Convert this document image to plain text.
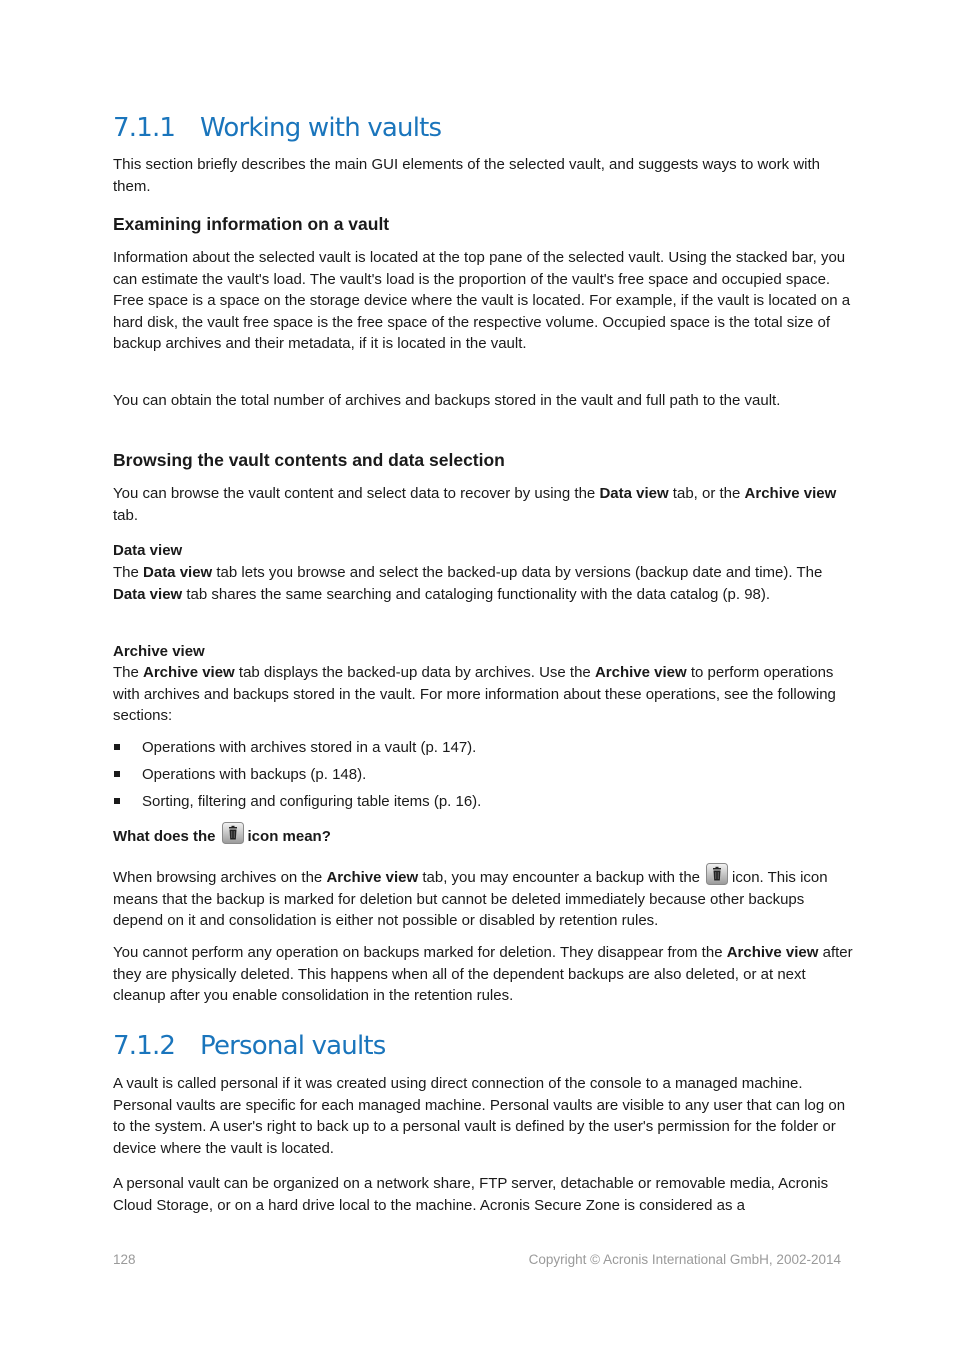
7.1.1 Working with vaults

This section briefly describes the main GUI elements of the selected vault, and suggests ways to work with them.

Examining information on a vault

Information about the selected vault is located at the top pane of the selected vault. Using the stacked bar, you can estimate the vault's load. The vault's load is the proportion of the vault's free space and occupied space. Free space is a space on the storage device where the vault is located. For example, if the vault is located on a hard disk, the vault free space is the free space of the respective volume. Occupied space is the total size of backup archives and their metadata, if it is located in the vault.

You can obtain the total number of archives and backups stored in the vault and full path to the vault.

Browsing the vault contents and data selection

You can browse the vault content and select data to recover by using the Data view tab, or the Archive view tab.

Data view

The Data view tab lets you browse and select the backed-up data by versions (backup date and time). The Data view tab shares the same searching and cataloging functionality with the data catalog (p. 98).

Archive view

The Archive view tab displays the backed-up data by archives. Use the Archive view to perform operations with archives and backups stored in the vault. For more information about these operations, see the following sections:

Operations with archives stored in a vault (p. 147).
Operations with backups (p. 148).
Sorting, filtering and configuring table items (p. 16).
What does the icon mean?

When browsing archives on the Archive view tab, you may encounter a backup with the icon. This icon means that the backup is marked for deletion but cannot be deleted immediately because other backups depend on it and consolidation is either not possible or disabled by retention rules.

You cannot perform any operation on backups marked for deletion. They disappear from the Archive view after they are physically deleted. This happens when all of the dependent backups are also deleted, or at next cleanup after you enable consolidation in the retention rules.

7.1.2 Personal vaults

A vault is called personal if it was created using direct connection of the console to a managed machine. Personal vaults are specific for each managed machine. Personal vaults are visible to any user that can log on to the system. A user's right to back up to a personal vault is defined by the user's permission for the folder or device where the vault is located.

A personal vault can be organized on a network share, FTP server, detachable or removable media, Acronis Cloud Storage, or on a hard drive local to the machine. Acronis Secure Zone is considered as a

128	Copyright © Acronis International GmbH, 2002-2014
